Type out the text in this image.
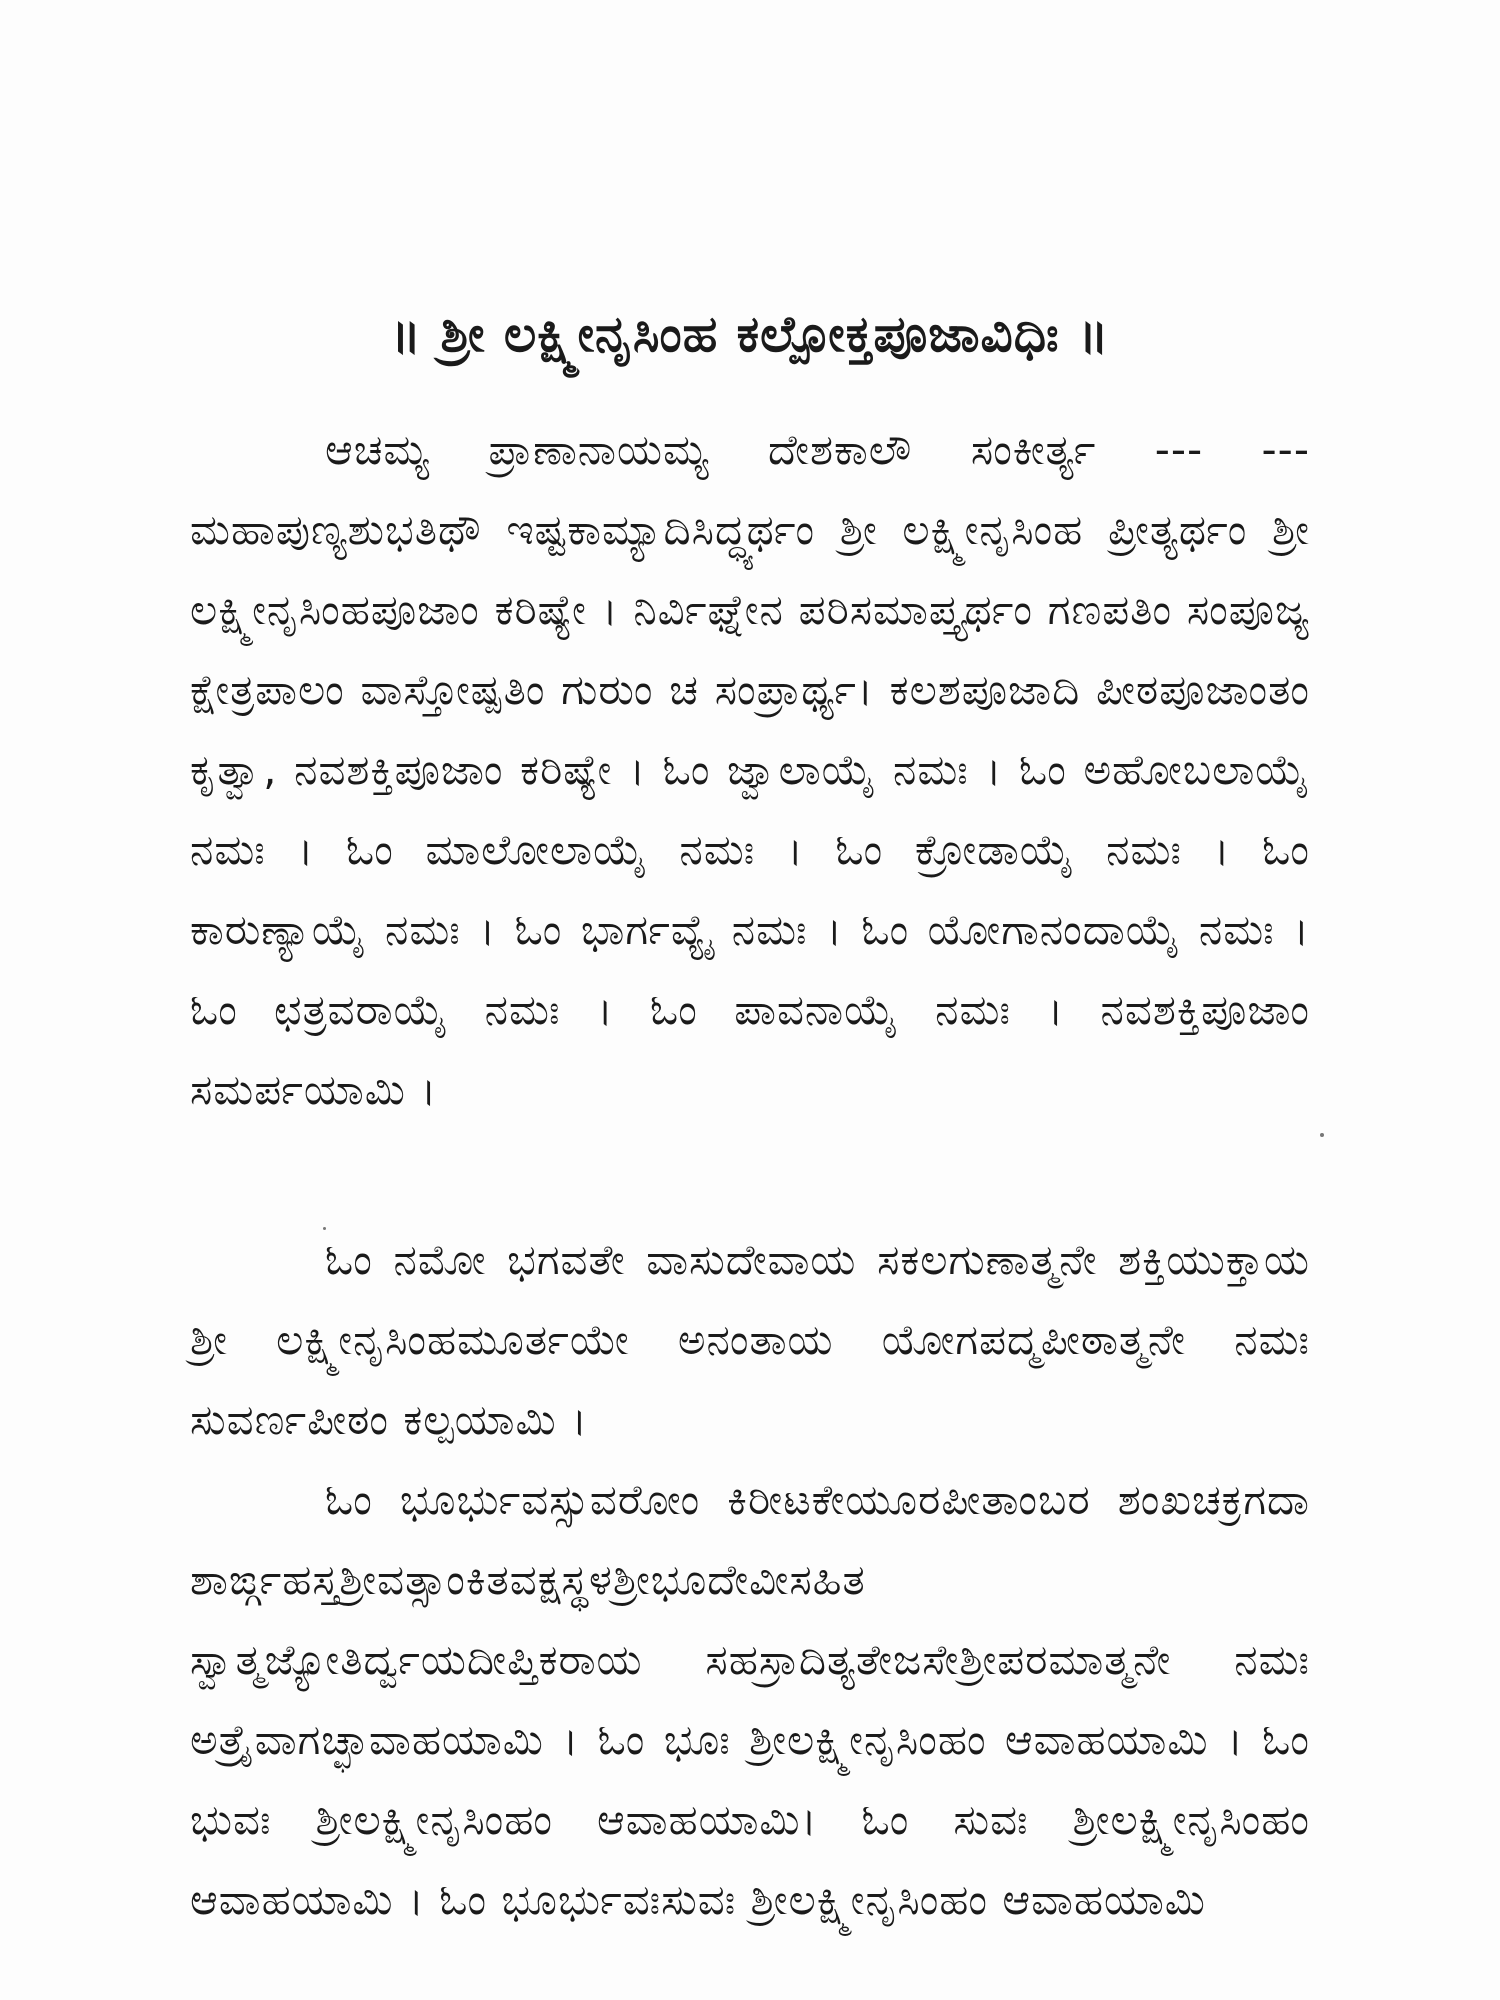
॥ ಶ್ರೀ ಲಕ್ಷ್ಮೀನೃಸಿಂಹ ಕಲ್ಪೋಕ್ತಪೂಜಾವಿಧಿಃ ॥
ಆಚಮ್ಯ ಪ್ರಾಣಾನಾಯಮ್ಯ ದೇಶಕಾಲೌ ಸಂಕೀರ್ತ್ಯ --- --- ಮಹಾಪುಣ್ಯಶುಭತಿಥೌ ಇಷ್ಟಕಾಮ್ಯಾದಿಸಿದ್ಧ್ಯರ್ಥಂ ಶ್ರೀ ಲಕ್ಷ್ಮೀನೃಸಿಂಹ ಪ್ರೀತ್ಯರ್ಥಂ ಶ್ರೀ ಲಕ್ಷ್ಮೀನೃಸಿಂಹಪೂಜಾಂ ಕರಿಷ್ಯೇ । ನಿರ್ವಿಘ್ನೇನ ಪರಿಸಮಾಪ್ತ್ಯರ್ಥಂ ಗಣಪತಿಂ ಸಂಪೂಜ್ಯ ಕ್ಷೇತ್ರಪಾಲಂ ವಾಸ್ತೋಷ್ಪತಿಂ ಗುರುಂ ಚ ಸಂಪ್ರಾರ್ಥ್ಯ। ಕಲಶಪೂಜಾದಿ ಪೀಠಪೂಜಾಂತಂ ಕೃತ್ವಾ, ನವಶಕ್ತಿಪೂಜಾಂ ಕರಿಷ್ಯೇ । ಓಂ ಜ್ವಾಲಾಯೈ ನಮಃ । ಓಂ ಅಹೋಬಲಾಯೈ ನಮಃ । ಓಂ ಮಾಲೋಲಾಯೈ ನಮಃ । ಓಂ ಕ್ರೋಡಾಯೈ ನಮಃ । ಓಂ ಕಾರುಣ್ಯಾಯೈ ನಮಃ । ಓಂ ಭಾರ್ಗವ್ಯೈ ನಮಃ । ಓಂ ಯೋಗಾನಂದಾಯೈ ನಮಃ । ಓಂ ಛತ್ರವರಾಯೈ ನಮಃ । ಓಂ ಪಾವನಾಯೈ ನಮಃ । ನವಶಕ್ತಿಪೂಜಾಂ ಸಮರ್ಪಯಾಮಿ ।
ಓಂ ನಮೋ ಭಗವತೇ ವಾಸುದೇವಾಯ ಸಕಲಗುಣಾತ್ಮನೇ ಶಕ್ತಿಯುಕ್ತಾಯ ಶ್ರೀ ಲಕ್ಷ್ಮೀನೃಸಿಂಹಮೂರ್ತಯೇ ಅನಂತಾಯ ಯೋಗಪದ್ಮಪೀಠಾತ್ಮನೇ ನಮಃ ಸುವರ್ಣಪೀಠಂ ಕಲ್ಪಯಾಮಿ ।
ಓಂ ಭೂರ್ಭುವಸ್ಸುವರೋಂ ಕಿರೀಟಕೇಯೂರಪೀತಾಂಬರ ಶಂಖಚಕ್ರಗದಾ ಶಾರ್ಙ್ಗಹಸ್ತಶ್ರೀವತ್ಸಾಂಕಿತವಕ್ಷಸ್ಥಳಶ್ರೀಭೂದೇವೀಸಹಿತ ಸ್ವಾತ್ಮಜ್ಯೋತಿರ್ದ್ವಯದೀಪ್ತಿಕರಾಯ ಸಹಸ್ರಾದಿತ್ಯತೇಜಸೇಶ್ರೀಪರಮಾತ್ಮನೇ ನಮಃ ಅತ್ರೈವಾಗಚ್ಛಾವಾಹಯಾಮಿ । ಓಂ ಭೂಃ ಶ್ರೀಲಕ್ಷ್ಮೀನೃಸಿಂಹಂ ಆವಾಹಯಾಮಿ । ಓಂ ಭುವಃ ಶ್ರೀಲಕ್ಷ್ಮೀನೃಸಿಂಹಂ ಆವಾಹಯಾಮಿ। ಓಂ ಸುವಃ ಶ್ರೀಲಕ್ಷ್ಮೀನೃಸಿಂಹಂ ಆವಾಹಯಾಮಿ । ಓಂ ಭೂರ್ಭುವಃಸುವಃ ಶ್ರೀಲಕ್ಷ್ಮೀನೃಸಿಂಹಂ ಆವಾಹಯಾಮಿ
